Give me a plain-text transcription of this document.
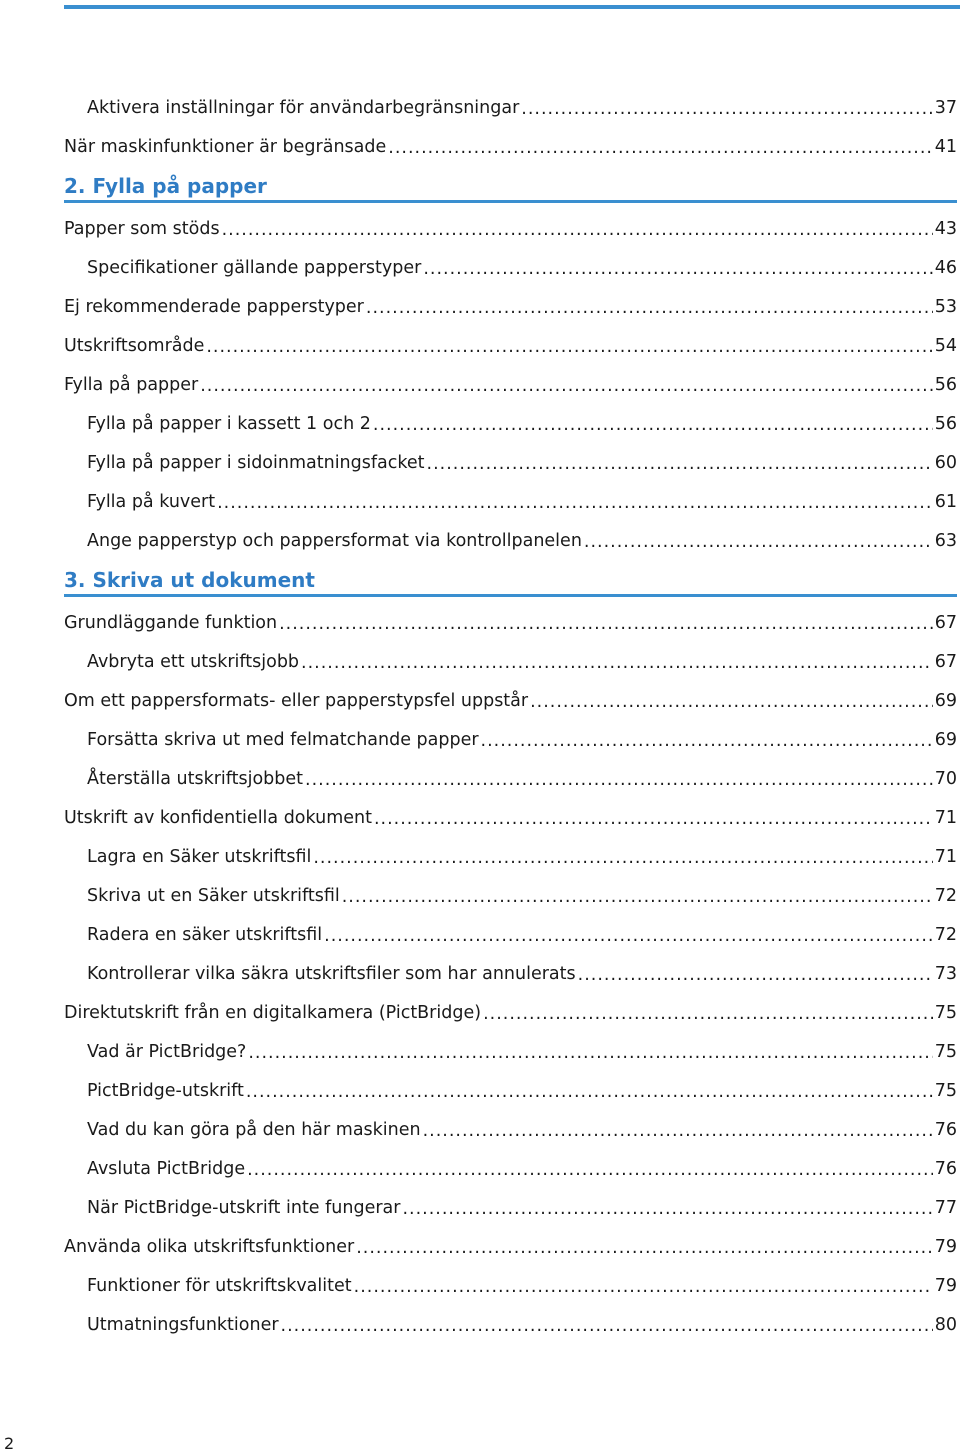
Aktivera inställningar för användarbegränsningar .....	37
När maskinfunktioner är begränsade .....	41
2. Fylla på papper
Papper som stöds .....	43
Specifikationer gällande papperstyper .....	46
Ej rekommenderade papperstyper .....	53
Utskriftsområde .....	54
Fylla på papper .....	56
Fylla på papper i kassett 1 och 2 .....	56
Fylla på papper i sidoinmatningsfacket .....	60
Fylla på kuvert .....	61
Ange papperstyp och pappersformat via kontrollpanelen .....	63
3. Skriva ut dokument
Grundläggande funktion .....	67
Avbryta ett utskriftsjobb .....	67
Om ett pappersformats- eller papperstypsfel uppstår .....	69
Forsätta skriva ut med felmatchande papper .....	69
Återställa utskriftsjobbet .....	70
Utskrift av konfidentiella dokument .....	71
Lagra en Säker utskriftsfil .....	71
Skriva ut en Säker utskriftsfil .....	72
Radera en säker utskriftsfil .....	72
Kontrollerar vilka säkra utskriftsfiler som har annulerats .....	73
Direktutskrift från en digitalkamera (PictBridge) .....	75
Vad är PictBridge? .....	75
PictBridge-utskrift .....	75
Vad du kan göra på den här maskinen .....	76
Avsluta PictBridge .....	76
När PictBridge-utskrift inte fungerar .....	77
Använda olika utskriftsfunktioner .....	79
Funktioner för utskriftskvalitet .....	79
Utmatningsfunktioner .....	80
2
